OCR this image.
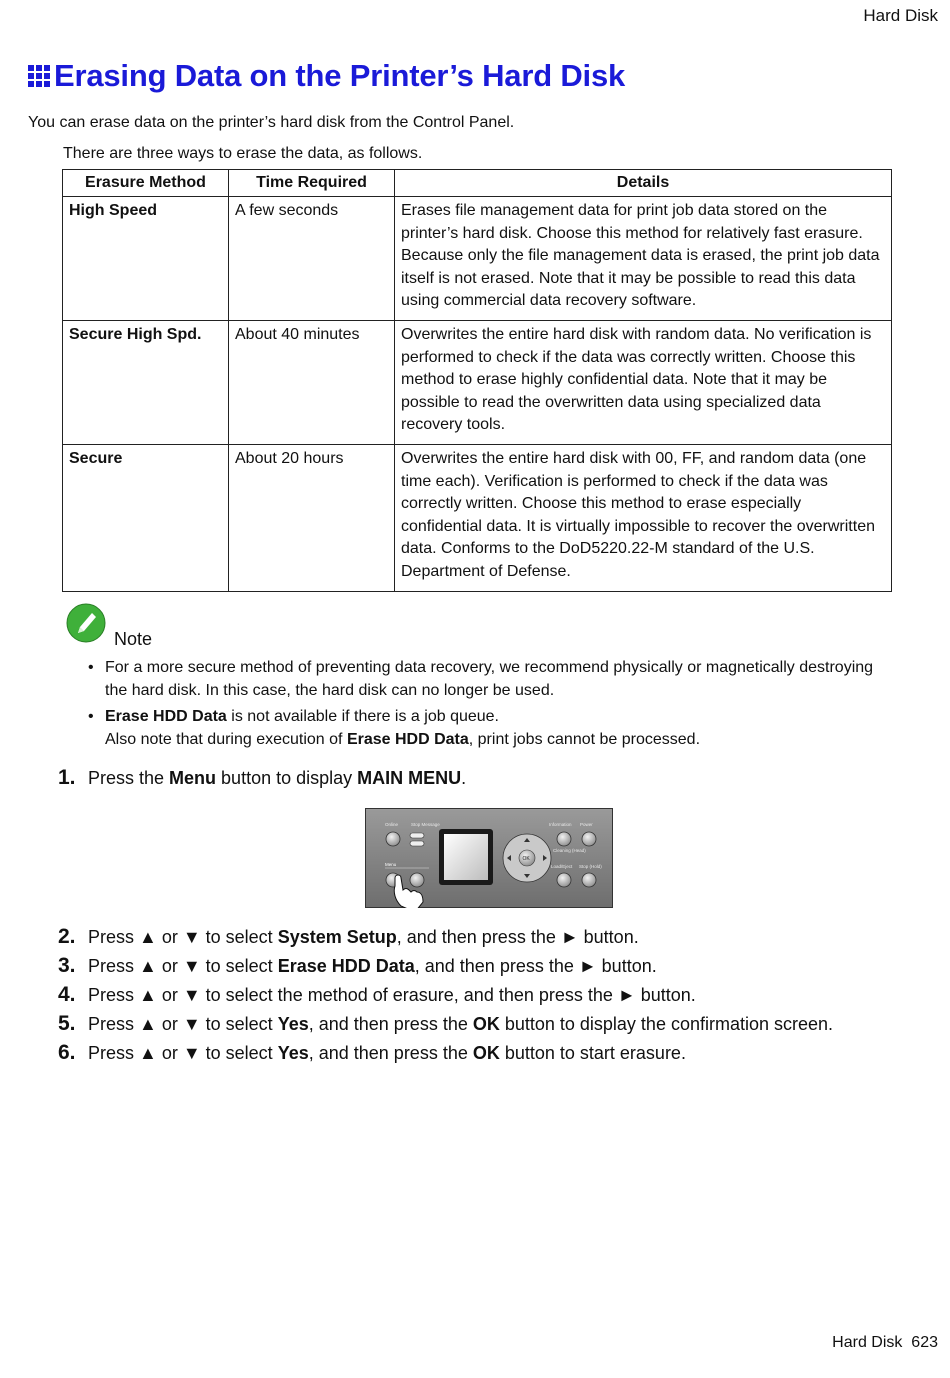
Hard Disk
Erasing Data on the Printer’s Hard Disk
You can erase data on the printer’s hard disk from the Control Panel.
There are three ways to erase the data, as follows.
Erasure Method	Time Required	Details
High Speed	A few seconds	Erases file management data for print job data stored on the printer’s hard disk. Choose this method for relatively fast erasure. Because only the file management data is erased, the print job data itself is not erased. Note that it may be possible to read this data using commercial data recovery software.
Secure High Spd.	About 40 minutes	Overwrites the entire hard disk with random data. No verification is performed to check if the data was correctly written. Choose this method to erase highly confidential data. Note that it may be possible to read the overwritten data using specialized data recovery tools.
Secure	About 20 hours	Overwrites the entire hard disk with 00, FF, and random data (one time each). Verification is performed to check if the data was correctly written. Choose this method to erase especially confidential data. It is virtually impossible to recover the overwritten data. Conforms to the DoD5220.22-M standard of the U.S. Department of Defense.
Note
• For a more secure method of preventing data recovery, we recommend physically or magnetically destroying the hard disk. In this case, the hard disk can no longer be used.
• Erase HDD Data is not available if there is a job queue.
Also note that during execution of Erase HDD Data, print jobs cannot be processed.
1. Press the Menu button to display MAIN MENU.
2. Press ▲ or ▼ to select System Setup, and then press the ► button.
3. Press ▲ or ▼ to select Erase HDD Data, and then press the ► button.
4. Press ▲ or ▼ to select the method of erasure, and then press the ► button.
5. Press ▲ or ▼ to select Yes, and then press the OK button to display the confirmation screen.
6. Press ▲ or ▼ to select Yes, and then press the OK button to start erasure.
Online	Stop Message
Menu
OK
Information Power
Cleaning (Head)
Load/Eject Stop (Hold)
Hard Disk 623
